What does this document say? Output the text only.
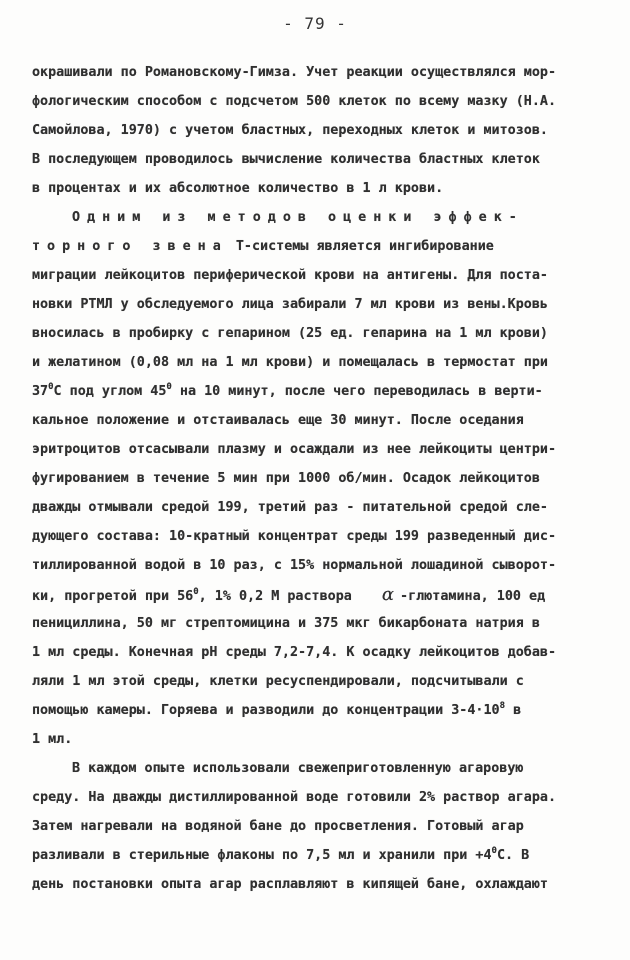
- 79 -
окрашивали по Романовскому-Гимза. Учет реакции осуществлялся мор-
фологическим способом с подсчетом 500 клеток по всему мазку (Н.А.
Самойлова, 1970) с учетом бластных, переходных клеток и митозов.
В последующем проводилось вычисление количества бластных клеток
в процентах и их абсолютное количество в 1 л крови.
Одним из методов оценки эффек-
торного звена Т-системы является ингибирование
миграции лейкоцитов периферической крови на антигены. Для поста-
новки РТМЛ у обследуемого лица забирали 7 мл крови из вены.Кровь
вносилась в пробирку с гепарином (25 ед. гепарина на 1 мл крови)
и желатином (0,08 мл на 1 мл крови) и помещалась в термостат при
$37^0С$ под углом $45^0$ на 10 минут, после чего переводилась в верти-
кальное положение и отстаивалась еще 30 минут. После оседания
эритроцитов отсасывали плазму и осаждали из нее лейкоциты центри-
фугированием в течение 5 мин при 1000 об/мин. Осадок лейкоцитов
дважды отмывали средой 199, третий раз - питательной средой сле-
дующего состава: 10-кратный концентрат среды 199 разведенный дис-
тиллированной водой в 10 раз, с 15% нормальной лошадиной сыворот-
ки, прогретой при $56^0$, 1% 0,2 М раствора α -глютамина, 100 ед
пенициллина, 50 мг стрептомицина и 375 мкг бикарбоната натрия в
1 мл среды. Конечная рН среды 7,2-7,4. К осадку лейкоцитов добав-
ляли 1 мл этой среды, клетки ресуспендировали, подсчитывали с
помощью камеры. Горяева и разводили до концентрации $3-4\cdot 10^8$ в
1 мл.
В каждом опыте использовали свежеприготовленную агаровую
среду. На дважды дистиллированной воде готовили 2% раствор агара.
Затем нагревали на водяной бане до просветления. Готовый агар
разливали в стерильные флаконы по 7,5 мл и хранили при $+4^0С$. В
день постановки опыта агар расплавляют в кипящей бане, охлаждают
